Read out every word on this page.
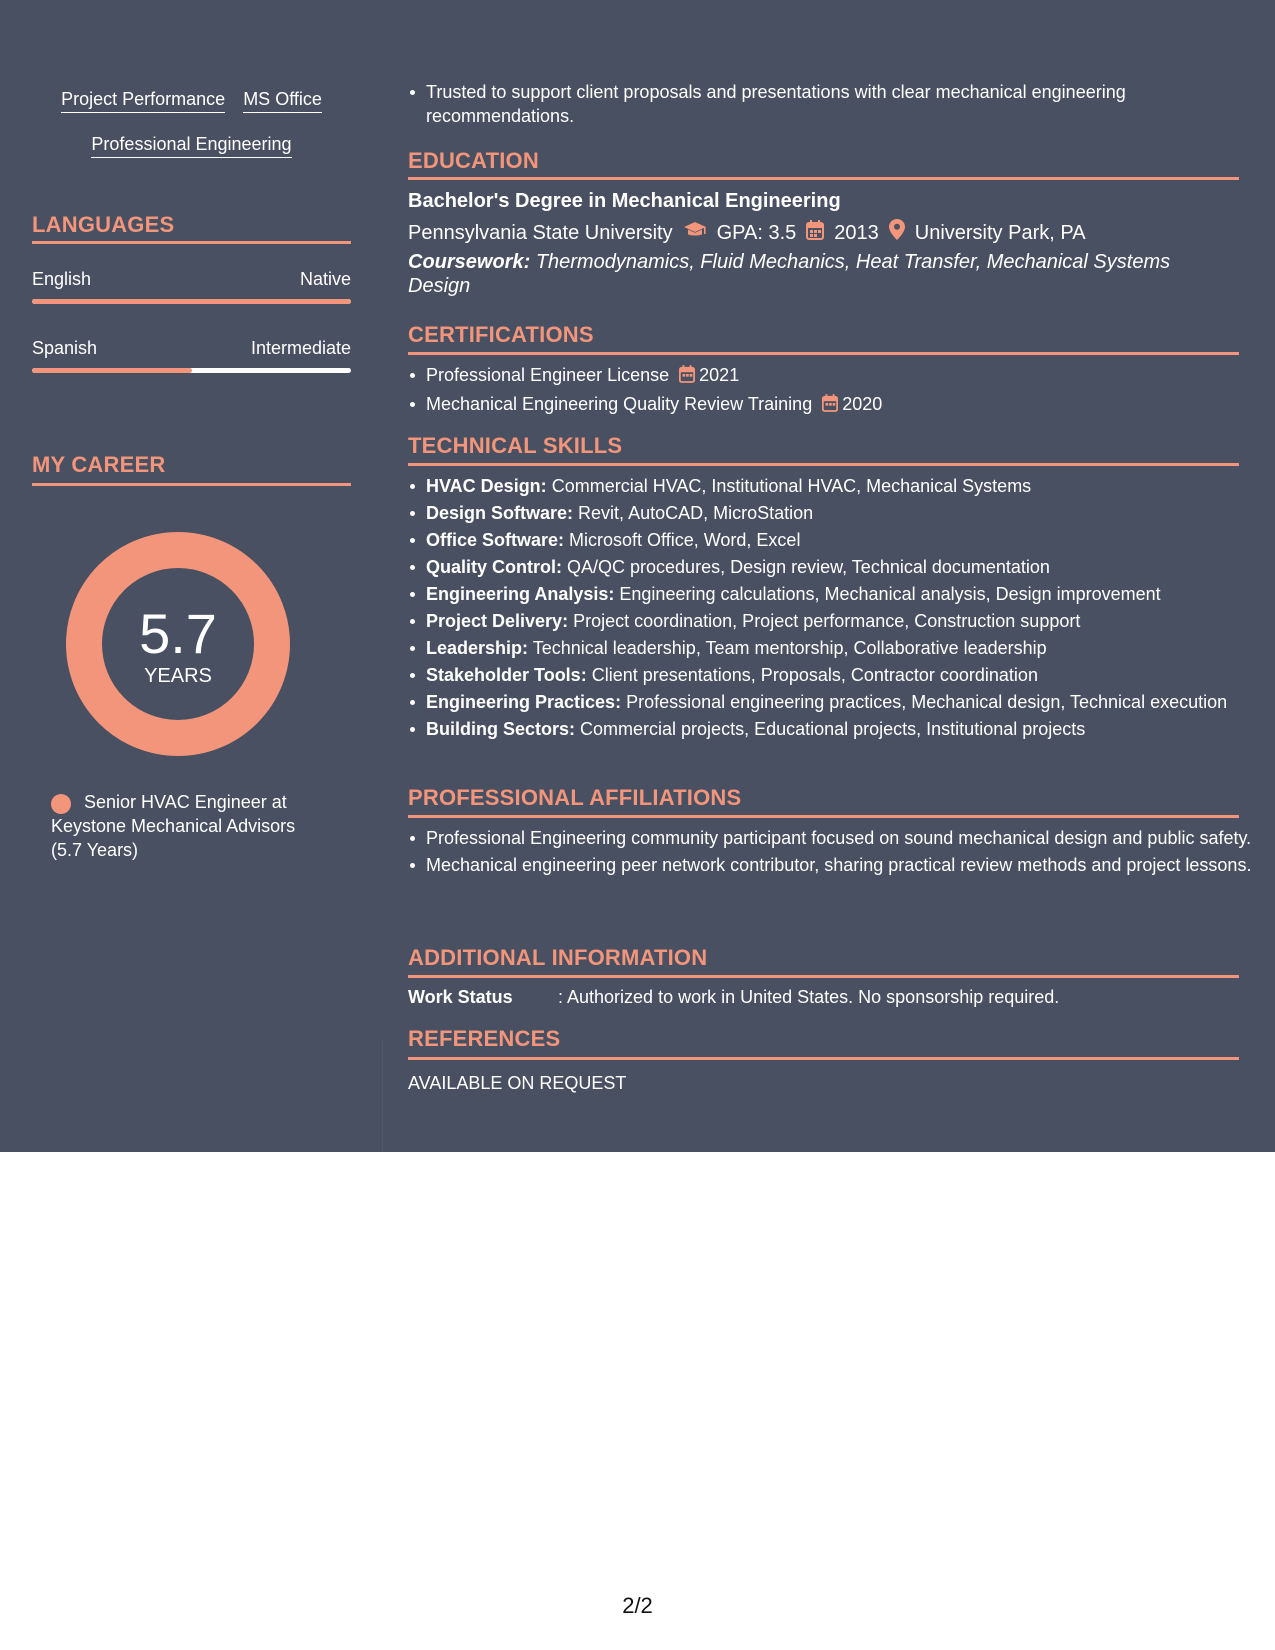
Project Performance MS Office
Professional Engineering
LANGUAGES
English	Native
Spanish	Intermediate
MY CAREER
5.7
YEARS
Senior HVAC Engineer at Keystone Mechanical Advisors (5.7 Years)
Trusted to support client proposals and presentations with clear mechanical engineering recommendations.
EDUCATION
Bachelor's Degree in Mechanical Engineering
Pennsylvania State University GPA: 3.5 2013 University Park, PA
Coursework: Thermodynamics, Fluid Mechanics, Heat Transfer, Mechanical Systems Design
CERTIFICATIONS
Professional Engineer License 2021
Mechanical Engineering Quality Review Training 2020
TECHNICAL SKILLS
HVAC Design: Commercial HVAC, Institutional HVAC, Mechanical Systems
Design Software: Revit, AutoCAD, MicroStation
Office Software: Microsoft Office, Word, Excel
Quality Control: QA/QC procedures, Design review, Technical documentation
Engineering Analysis: Engineering calculations, Mechanical analysis, Design improvement
Project Delivery: Project coordination, Project performance, Construction support
Leadership: Technical leadership, Team mentorship, Collaborative leadership
Stakeholder Tools: Client presentations, Proposals, Contractor coordination
Engineering Practices: Professional engineering practices, Mechanical design, Technical execution
Building Sectors: Commercial projects, Educational projects, Institutional projects
PROFESSIONAL AFFILIATIONS
Professional Engineering community participant focused on sound mechanical design and public safety.
Mechanical engineering peer network contributor, sharing practical review methods and project lessons.
ADDITIONAL INFORMATION
Work Status	: Authorized to work in United States. No sponsorship required.
REFERENCES
AVAILABLE ON REQUEST
2/2
